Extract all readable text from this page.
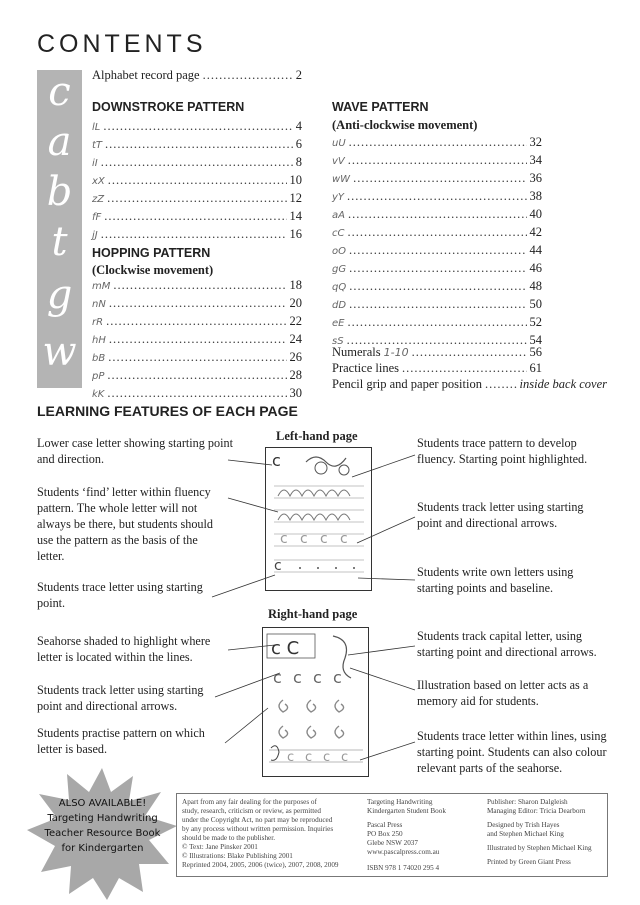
CONTENTS
c
a
b
t
g
w
Alphabet record page .....	2
DOWNSTROKE PATTERN
HOPPING PATTERN
(Clockwise movement)
WAVE PATTERN
(Anti-clockwise movement)
lL .....	4
tT .....	6
iI .....	8
xX .....	10
zZ .....	12
fF .....	14
jJ .....	16
mM .....	18
nN .....	20
rR .....	22
hH .....	24
bB .....	26
pP .....	28
kK .....	30
uU .....	32
vV .....	34
wW .....	36
yY .....	38
aA .....	40
cC .....	42
oO .....	44
gG .....	46
qQ .....	48
dD .....	50
eE .....	52
sS .....	54
Numerals 1-10 .....	56
Practice lines .....	61
Pencil grip and paper position .....	inside back cover
LEARNING FEATURES OF EACH PAGE
Left-hand page
Right-hand page
Lower case letter showing starting point and direction.
Students ‘find’ letter within fluency pattern. The whole letter will not always be there, but students should use the pattern as the basis of the letter.
Students trace letter using starting point.
Seahorse shaded to highlight where letter is located within the lines.
Students track letter using starting point and directional arrows.
Students practise pattern on which letter is based.
Students trace pattern to develop fluency. Starting point highlighted.
Students track letter using starting point and directional arrows.
Students write own letters using starting points and baseline.
Students track capital letter, using starting point and directional arrows.
Illustration based on letter acts as a memory aid for students.
Students trace letter within lines, using starting point. Students can also colour relevant parts of the seahorse.
c
c c c c
c
c C
c c c c
c c c c
ALSO AVAILABLE!
Targeting Handwriting
Teacher Resource Book
for Kindergarten
Apart from any fair dealing for the purposes of
study, research, criticism or review, as permitted
under the Copyright Act, no part may be reproduced
by any process without written permission. Inquiries
should be made to the publisher.
© Text: Jane Pinsker 2001
© Illustrations: Blake Publishing 2001
Reprinted 2004, 2005, 2006 (twice), 2007, 2008, 2009
Targeting Handwriting
Kindergarten Student Book
Pascal Press
PO Box 250
Glebe NSW 2037
www.pascalpress.com.au
ISBN 978 1 74020 295 4
Publisher: Sharon Dalgleish
Managing Editor: Tricia Dearborn
Designed by Trish Hayes
and Stephen Michael King
Illustrated by Stephen Michael King
Printed by Green Giant Press
